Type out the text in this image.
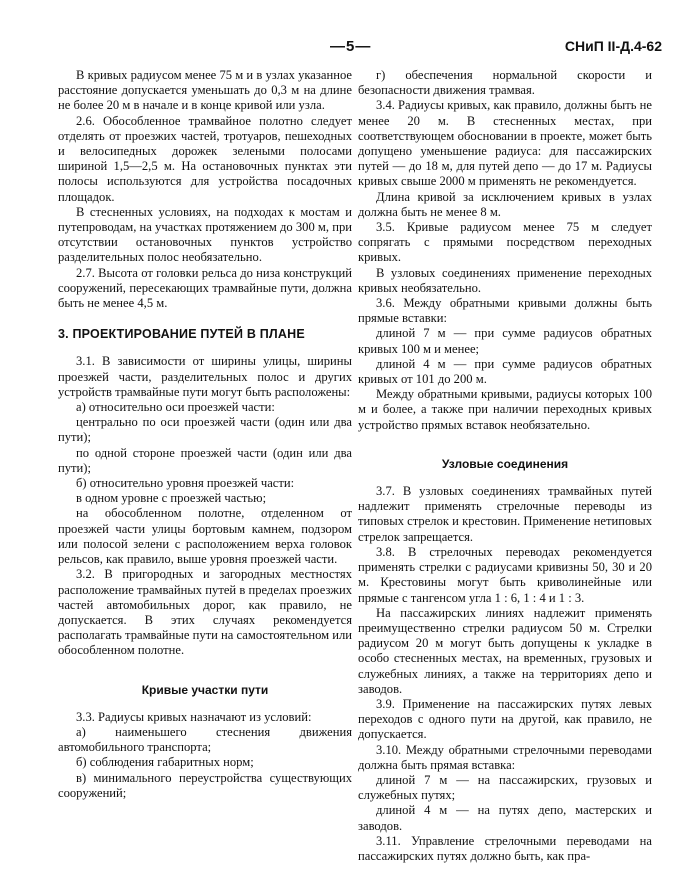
—5—	СНиП II-Д.4-62

В кривых радиусом менее 75 м и в узлах указанное расстояние допускается уменьшать до 0,3 м на длине не более 20 м в начале и в конце кривой или узла.

2.6. Обособленное трамвайное полотно следует отделять от проезжих частей, тротуаров, пешеходных и велосипедных дорожек зелеными полосами шириной 1,5—2,5 м. На остановочных пунктах эти полосы используются для устройства посадочных площадок.

В стесненных условиях, на подходах к мостам и путепроводам, на участках протяжением до 300 м, при отсутствии остановочных пунктов устройство разделительных полос необязательно.

2.7. Высота от головки рельса до низа конструкций сооружений, пересекающих трамвайные пути, должна быть не менее 4,5 м.

3. ПРОЕКТИРОВАНИЕ ПУТЕЙ В ПЛАНЕ

3.1. В зависимости от ширины улицы, ширины проезжей части, разделительных полос и других устройств трамвайные пути могут быть расположены:

а) относительно оси проезжей части:

центрально по оси проезжей части (один или два пути);

по одной стороне проезжей части (один или два пути);

б) относительно уровня проезжей части:

в одном уровне с проезжей частью;

на обособленном полотне, отделенном от проезжей части улицы бортовым камнем, подзором или полосой зелени с расположением верха головок рельсов, как правило, выше уровня проезжей части.

3.2. В пригородных и загородных местностях расположение трамвайных путей в пределах проезжих частей автомобильных дорог, как правило, не допускается. В этих случаях рекомендуется располагать трамвайные пути на самостоятельном или обособленном полотне.

Кривые участки пути

3.3. Радиусы кривых назначают из условий:

а) наименьшего стеснения движения автомобильного транспорта;

б) соблюдения габаритных норм;

в) минимального переустройства существующих сооружений;

г) обеспечения нормальной скорости и безопасности движения трамвая.

3.4. Радиусы кривых, как правило, должны быть не менее 20 м. В стесненных местах, при соответствующем обосновании в проекте, может быть допущено уменьшение радиуса: для пассажирских путей — до 18 м, для путей депо — до 17 м. Радиусы кривых свыше 2000 м применять не рекомендуется.

Длина кривой за исключением кривых в узлах должна быть не менее 8 м.

3.5. Кривые радиусом менее 75 м следует сопрягать с прямыми посредством переходных кривых.

В узловых соединениях применение переходных кривых необязательно.

3.6. Между обратными кривыми должны быть прямые вставки:

длиной 7 м — при сумме радиусов обратных кривых 100 м и менее;

длиной 4 м — при сумме радиусов обратных кривых от 101 до 200 м.

Между обратными кривыми, радиусы которых 100 м и более, а также при наличии переходных кривых устройство прямых вставок необязательно.

Узловые соединения

3.7. В узловых соединениях трамвайных путей надлежит применять стрелочные переводы из типовых стрелок и крестовин. Применение нетиповых стрелок запрещается.

3.8. В стрелочных переводах рекомендуется применять стрелки с радиусами кривизны 50, 30 и 20 м. Крестовины могут быть криволинейные или прямые с тангенсом угла 1 : 6, 1 : 4 и 1 : 3.

На пассажирских линиях надлежит применять преимущественно стрелки радиусом 50 м. Стрелки радиусом 20 м могут быть допущены к укладке в особо стесненных местах, на временных, грузовых и служебных линиях, а также на территориях депо и заводов.

3.9. Применение на пассажирских путях левых переходов с одного пути на другой, как правило, не допускается.

3.10. Между обратными стрелочными переводами должна быть прямая вставка:

длиной 7 м — на пассажирских, грузовых и служебных путях;

длиной 4 м — на путях депо, мастерских и заводов.

3.11. Управление стрелочными переводами на пассажирских путях должно быть, как пра-
